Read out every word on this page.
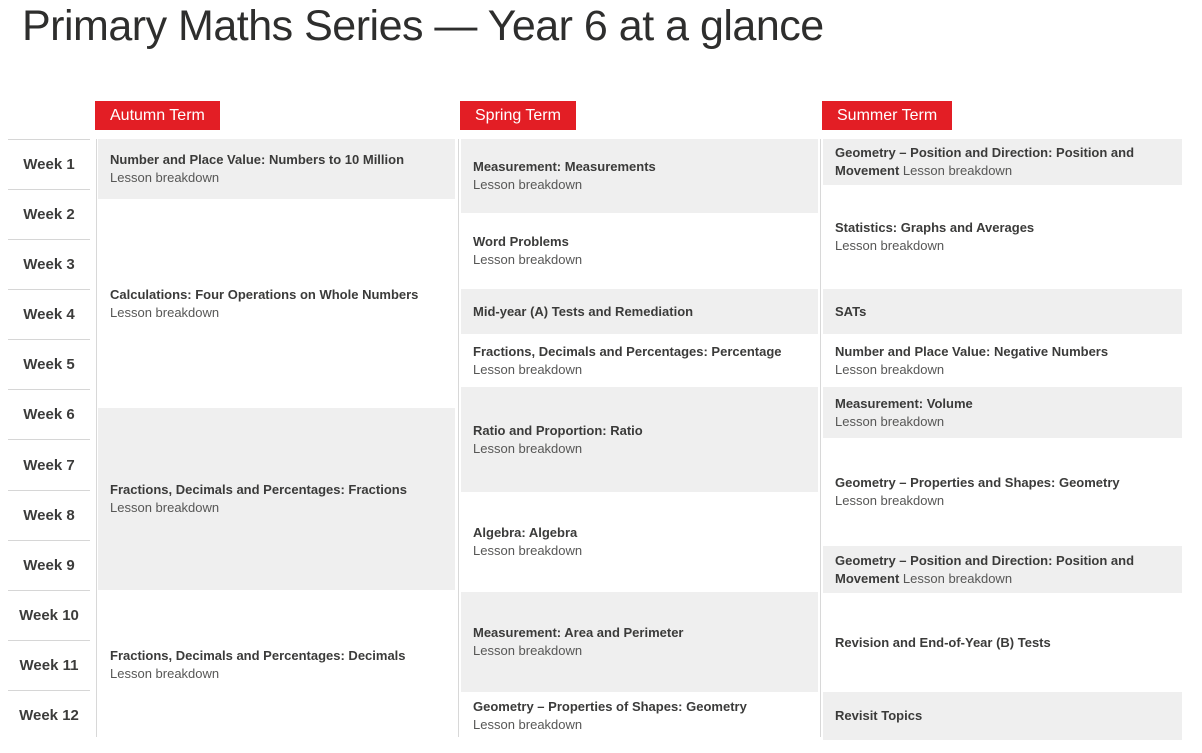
Primary Maths Series — Year 6 at a glance
Autumn Term	Spring Term	Summer Term
Week 1
Week 2
Week 3
Week 4
Week 5
Week 6
Week 7
Week 8
Week 9
Week 10
Week 11
Week 12
Number and Place Value: Numbers to 10 Million
Lesson breakdown
Calculations: Four Operations on Whole Numbers
Lesson breakdown
Fractions, Decimals and Percentages: Fractions
Lesson breakdown
Fractions, Decimals and Percentages: Decimals
Lesson breakdown
Measurement: Measurements
Lesson breakdown
Word Problems
Lesson breakdown
Mid-year (A) Tests and Remediation
Fractions, Decimals and Percentages: Percentage
Lesson breakdown
Ratio and Proportion: Ratio
Lesson breakdown
Algebra: Algebra
Lesson breakdown
Measurement: Area and Perimeter
Lesson breakdown
Geometry – Properties of Shapes: Geometry
Lesson breakdown

Geometry – Position and Direction: Position and Movement Lesson breakdown

Statistics: Graphs and Averages
Lesson breakdown
SATs
Number and Place Value: Negative Numbers
Lesson breakdown
Measurement: Volume
Lesson breakdown
Geometry – Properties and Shapes: Geometry
Lesson breakdown

Geometry – Position and Direction: Position and Movement Lesson breakdown

Revision and End-of-Year (B) Tests
Revisit Topics
